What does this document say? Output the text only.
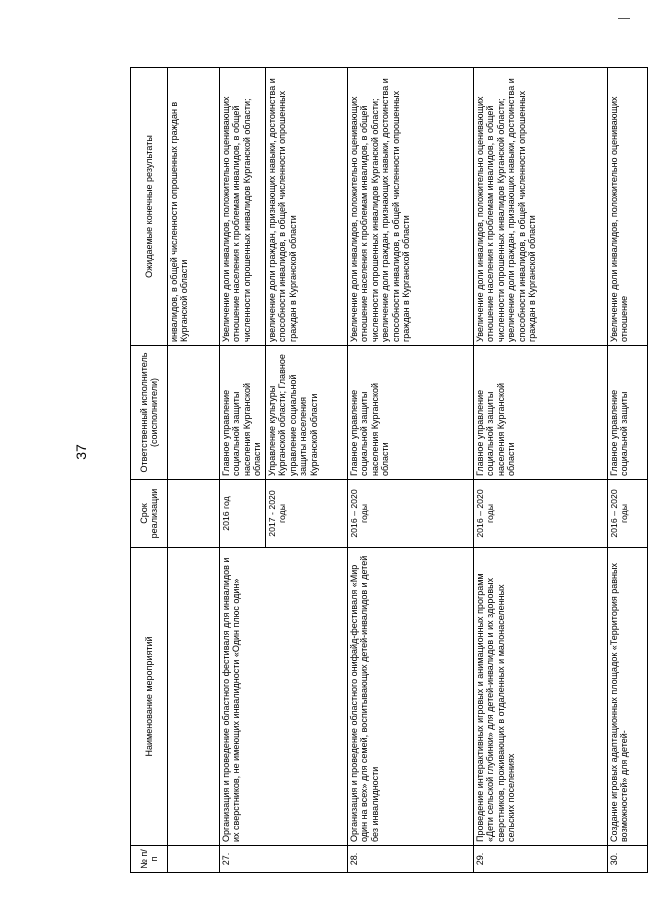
37
№ п/п	Наименование мероприятий	Срок реализации	Ответственный исполнитель (соисполнители)	Ожидаемые конечные результаты
				инвалидов, в общей численности опрошенных граждан в Курганской области
27.	Организация и проведение областного фестиваля для инвалидов и их сверстников, не имеющих инвалидности «Один плюс один»	2016 год	Главное управление социальной защиты населения Курганской области	Увеличение доли инвалидов, положительно оценивающих отношение населения к проблемам инвалидов, в общей численности опрошенных инвалидов Курганской области;
		2017 - 2020 годы	Управление культуры Курганской области; Главное управление социальной защиты населения Курганской области	увеличение доли граждан, признающих навыки, достоинства и способности инвалидов, в общей численности опрошенных граждан в Курганской области
28.	Организация и проведение областного онифайд-фестиваля «Мир один на всех» для семей, воспитывающих детей-инвалидов и детей без инвалидности	2016 – 2020 годы	Главное управление социальной защиты населения Курганской области	Увеличение доли инвалидов, положительно оценивающих отношение населения к проблемам инвалидов, в общей численности опрошенных инвалидов Курганской области; увеличение доли граждан, признающих навыки, достоинства и способности инвалидов, в общей численности опрошенных граждан в Курганской области
29.	Проведение интерактивных игровых и анимационных программ «Дети сельской глубинки» для детей-инвалидов и их здоровых сверстников, проживающих в отдаленных и малонаселенных сельских поселениях	2016 – 2020 годы	Главное управление социальной защиты населения Курганской области	Увеличение доли инвалидов, положительно оценивающих отношение населения к проблемам инвалидов, в общей численности опрошенных инвалидов Курганской области; увеличение доли граждан, признающих навыки, достоинства и способности инвалидов, в общей численности опрошенных граждан в Курганской области
30.	Создание игровых адаптационных площадок «Территория равных возможностей» для детей-	2016 – 2020 годы	Главное управление социальной защиты	Увеличение доли инвалидов, положительно оценивающих отношение
